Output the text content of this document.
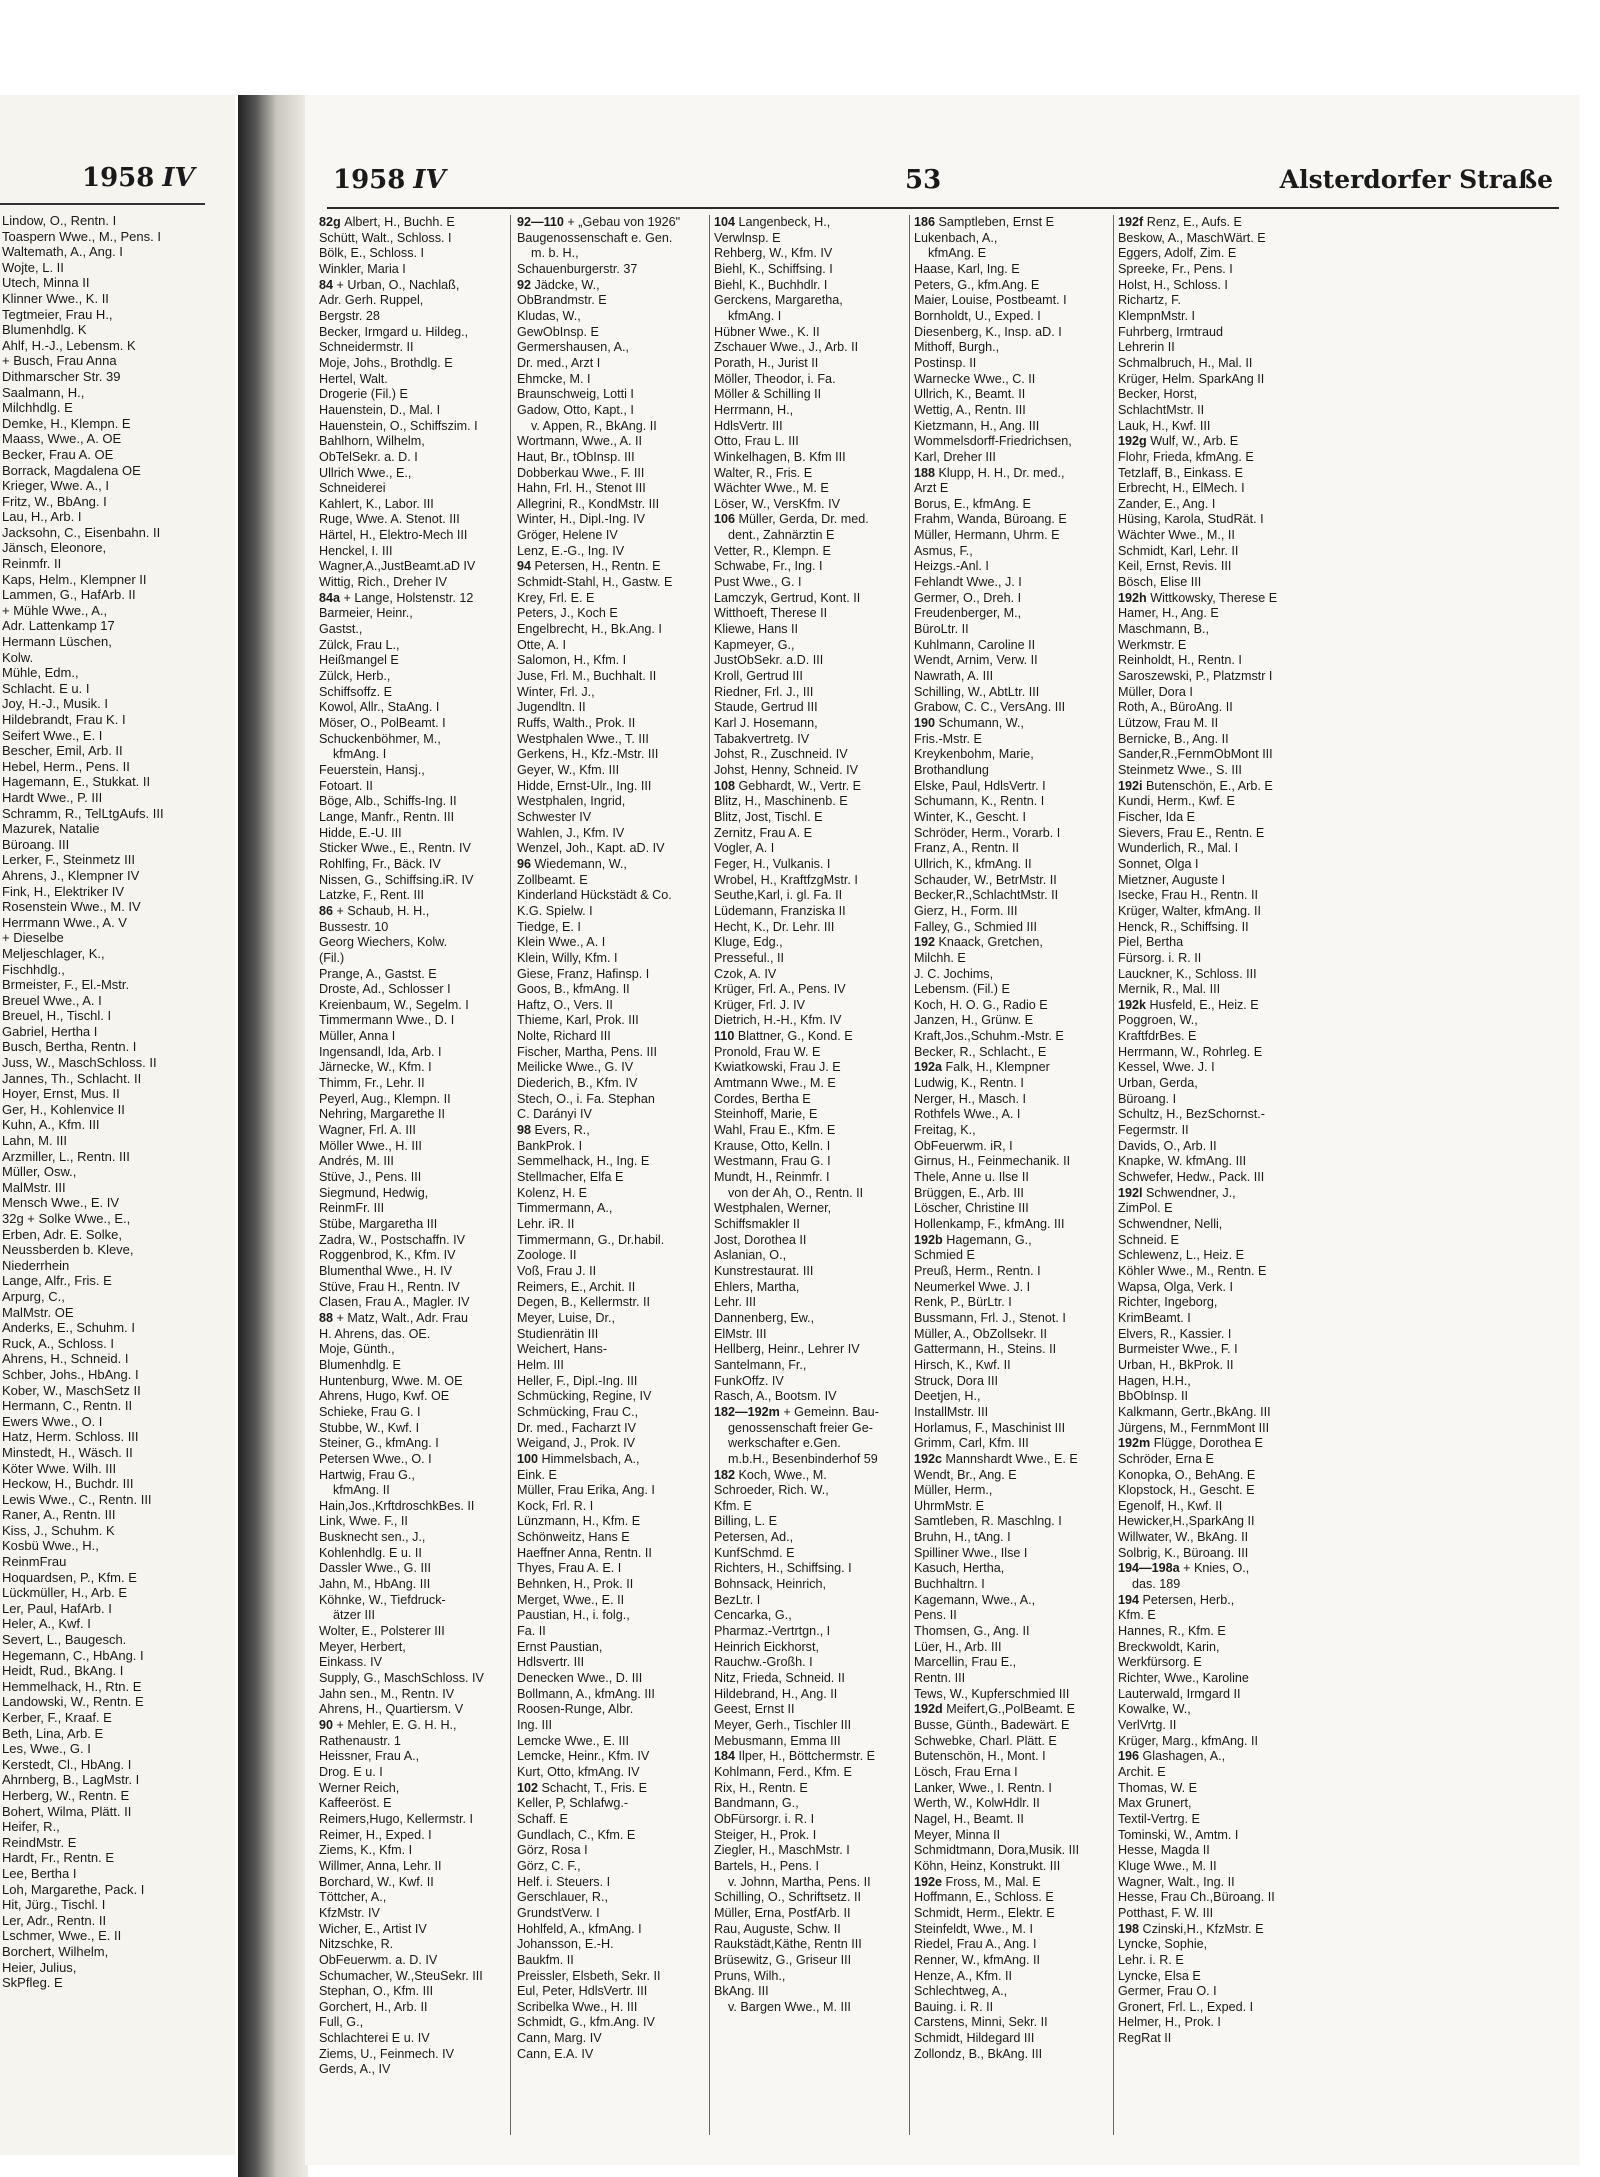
1958 IV
Lindow, O., Rentn. I
Toaspern Wwe., M., Pens. I
Waltemath, A., Ang. I
Wojte, L. II
Utech, Minna II
Klinner Wwe., K. II
Tegtmeier, Frau H.,
Blumenhdlg. K
Ahlf, H.-J., Lebensm. K
+ Busch, Frau Anna
Dithmarscher Str. 39
Saalmann, H.,
Milchhdlg. E
Demke, H., Klempn. E
Maass, Wwe., A. OE
Becker, Frau A. OE
Borrack, Magdalena OE
Krieger, Wwe. A., I
Fritz, W., BbAng. I
Lau, H., Arb. I
Jacksohn, C., Eisenbahn. II
Jänsch, Eleonore,
Reinmfr. II
Kaps, Helm., Klempner II
Lammen, G., HafArb. II
+ Mühle Wwe., A.,
Adr. Lattenkamp 17
Hermann Lüschen,
Kolw.
Mühle, Edm.,
Schlacht. E u. I
Joy, H.-J., Musik. I
Hildebrandt, Frau K. I
Seifert Wwe., E. I
Bescher, Emil, Arb. II
Hebel, Herm., Pens. II
Hagemann, E., Stukkat. II
Hardt Wwe., P. III
Schramm, R., TelLtgAufs. III
Mazurek, Natalie
Büroang. III
Lerker, F., Steinmetz III
Ahrens, J., Klempner IV
Fink, H., Elektriker IV
Rosenstein Wwe., M. IV
Herrmann Wwe., A. V
+ Dieselbe
Meljeschlager, K.,
Fischhdlg.,
Brmeister, F., El.-Mstr.
Breuel Wwe., A. I
Breuel, H., Tischl. I
Gabriel, Hertha I
Busch, Bertha, Rentn. I
Juss, W., MaschSchloss. II
Jannes, Th., Schlacht. II
Hoyer, Ernst, Mus. II
Ger, H., Kohlenvice II
Kuhn, A., Kfm. III
Lahn, M. III
Arzmiller, L., Rentn. III
Müller, Osw.,
MalMstr. III
Mensch Wwe., E. IV
32g + Solke Wwe., E.,
Erben, Adr. E. Solke,
Neussberden b. Kleve,
Niederrhein
Lange, Alfr., Fris. E
Arpurg, C.,
MalMstr. OE
Anderks, E., Schuhm. I
Ruck, A., Schloss. I
Ahrens, H., Schneid. I
Schber, Johs., HbAng. I
Kober, W., MaschSetz II
Hermann, C., Rentn. II
Ewers Wwe., O. I
Hatz, Herm. Schloss. III
Minstedt, H., Wäsch. II
Köter Wwe. Wilh. III
Heckow, H., Buchdr. III
Lewis Wwe., C., Rentn. III
Raner, A., Rentn. III
Kiss, J., Schuhm. K
Kosbü Wwe., H.,
ReinmFrau
Hoquardsen, P., Kfm. E
Lückmüller, H., Arb. E
Ler, Paul, HafArb. I
Heler, A., Kwf. I
Severt, L., Baugesch.
Hegemann, C., HbAng. I
Heidt, Rud., BkAng. I
Hemmelhack, H., Rtn. E
Landowski, W., Rentn. E
Kerber, F., Kraaf. E
Beth, Lina, Arb. E
Les, Wwe., G. I
Kerstedt, Cl., HbAng. I
Ahrnberg, B., LagMstr. I
Herberg, W., Rentn. E
Bohert, Wilma, Plätt. II
Heifer, R.,
ReindMstr. E
Hardt, Fr., Rentn. E
Lee, Bertha I
Loh, Margarethe, Pack. I
Hit, Jürg., Tischl. I
Ler, Adr., Rentn. II
Lschmer, Wwe., E. II
Borchert, Wilhelm,
Heier, Julius,
SkPfleg. E
1958 IV	53	Alsterdorfer Straße
82g Albert, H., Buchh. E
Schütt, Walt., Schloss. I
Bölk, E., Schloss. I
Winkler, Maria I
84 + Urban, O., Nachlaß,
Adr. Gerh. Ruppel,
Bergstr. 28
Becker, Irmgard u. Hildeg.,
Schneidermstr. II
Moje, Johs., Brothdlg. E
Hertel, Walt.
Drogerie (Fil.) E
Hauenstein, D., Mal. I
Hauenstein, O., Schiffszim. I
Bahlhorn, Wilhelm,
ObTelSekr. a. D. I
Ullrich Wwe., E.,
Schneiderei
Kahlert, K., Labor. III
Ruge, Wwe. A. Stenot. III
Härtel, H., Elektro-Mech III
Henckel, I. III
Wagner,A.,JustBeamt.aD IV
Wittig, Rich., Dreher IV
84a + Lange, Holstenstr. 12
Barmeier, Heinr.,
Gastst.,
Zülck, Frau L.,
Heißmangel E
Zülck, Herb.,
Schiffsoffz. E
Kowol, Allr., StaAng. I
Möser, O., PolBeamt. I
Schuckenböhmer, M.,
kfmAng. I
Feuerstein, Hansj.,
Fotoart. II
Böge, Alb., Schiffs-Ing. II
Lange, Manfr., Rentn. III
Hidde, E.-U. III
Sticker Wwe., E., Rentn. IV
Rohlfing, Fr., Bäck. IV
Nissen, G., Schiffsing.iR. IV
Latzke, F., Rent. III
86 + Schaub, H. H.,
Bussestr. 10
Georg Wiechers, Kolw.
(Fil.)
Prange, A., Gastst. E
Droste, Ad., Schlosser I
Kreienbaum, W., Segelm. I
Timmermann Wwe., D. I
Müller, Anna I
Ingensandl, Ida, Arb. I
Järnecke, W., Kfm. I
Thimm, Fr., Lehr. II
Peyerl, Aug., Klempn. II
Nehring, Margarethe II
Wagner, Frl. A. III
Möller Wwe., H. III
Andrés, M. III
Stüve, J., Pens. III
Siegmund, Hedwig,
ReinmFr. III
Stübe, Margaretha III
Zadra, W., Postschaffn. IV
Roggenbrod, K., Kfm. IV
Blumenthal Wwe., H. IV
Stüve, Frau H., Rentn. IV
Clasen, Frau A., Magler. IV
88 + Matz, Walt., Adr. Frau
H. Ahrens, das. OE.
Moje, Günth.,
Blumenhdlg. E
Huntenburg, Wwe. M. OE
Ahrens, Hugo, Kwf. OE
Schieke, Frau G. I
Stubbe, W., Kwf. I
Steiner, G., kfmAng. I
Petersen Wwe., O. I
Hartwig, Frau G.,
kfmAng. II
Hain,Jos.,KrftdroschkBes. II
Link, Wwe. F., II
Busknecht sen., J.,
Kohlenhdlg. E u. II
Dassler Wwe., G. III
Jahn, M., HbAng. III
Köhnke, W., Tiefdruck-
ätzer III
Wolter, E., Polsterer III
Meyer, Herbert,
Einkass. IV
Supply, G., MaschSchloss. IV
Jahn sen., M., Rentn. IV
Ahrens, H., Quartiersm. V
90 + Mehler, E. G. H. H.,
Rathenaustr. 1
Heissner, Frau A.,
Drog. E u. I
Werner Reich,
Kaffeeröst. E
Reimers,Hugo, Kellermstr. I
Reimer, H., Exped. I
Ziems, K., Kfm. I
Willmer, Anna, Lehr. II
Borchard, W., Kwf. II
Töttcher, A.,
KfzMstr. IV
Wicher, E., Artist IV
Nitzschke, R.
ObFeuerwm. a. D. IV
Schumacher, W.,SteuSekr. III
Stephan, O., Kfm. III
Gorchert, H., Arb. II
Full, G.,
Schlachterei E u. IV
Ziems, U., Feinmech. IV
Gerds, A., IV
92—110 + „Gebau von 1926"
Baugenossenschaft e. Gen.
m. b. H.,
Schauenburgerstr. 37
92 Jädcke, W.,
ObBrandmstr. E
Kludas, W.,
GewObInsp. E
Germershausen, A.,
Dr. med., Arzt I
Ehmcke, M. I
Braunschweig, Lotti I
Gadow, Otto, Kapt., I
v. Appen, R., BkAng. II
Wortmann, Wwe., A. II
Haut, Br., tObInsp. III
Dobberkau Wwe., F. III
Hahn, Frl. H., Stenot III
Allegrini, R., KondMstr. III
Winter, H., Dipl.-Ing. IV
Gröger, Helene IV
Lenz, E.-G., Ing. IV
94 Petersen, H., Rentn. E
Schmidt-Stahl, H., Gastw. E
Krey, Frl. E. E
Peters, J., Koch E
Engelbrecht, H., Bk.Ang. I
Otte, A. I
Salomon, H., Kfm. I
Juse, Frl. M., Buchhalt. II
Winter, Frl. J.,
Jugendltn. II
Ruffs, Walth., Prok. II
Westphalen Wwe., T. III
Gerkens, H., Kfz.-Mstr. III
Geyer, W., Kfm. III
Hidde, Ernst-Ulr., Ing. III
Westphalen, Ingrid,
Schwester IV
Wahlen, J., Kfm. IV
Wenzel, Joh., Kapt. aD. IV
96 Wiedemann, W.,
Zollbeamt. E
Kinderland Hückstädt & Co.
K.G. Spielw. I
Tiedge, E. I
Klein Wwe., A. I
Klein, Willy, Kfm. I
Giese, Franz, Hafinsp. I
Goos, B., kfmAng. II
Haftz, O., Vers. II
Thieme, Karl, Prok. III
Nolte, Richard III
Fischer, Martha, Pens. III
Meilicke Wwe., G. IV
Diederich, B., Kfm. IV
Stech, O., i. Fa. Stephan
C. Darányi IV
98 Evers, R.,
BankProk. I
Semmelhack, H., Ing. E
Stellmacher, Elfa E
Kolenz, H. E
Timmermann, A.,
Lehr. iR. II
Timmermann, G., Dr.habil.
Zoologe. II
Voß, Frau J. II
Reimers, E., Archit. II
Degen, B., Kellermstr. II
Meyer, Luise, Dr.,
Studienrätin III
Weichert, Hans-
Helm. III
Heller, F., Dipl.-Ing. III
Schmücking, Regine, IV
Schmücking, Frau C.,
Dr. med., Facharzt IV
Weigand, J., Prok. IV
100 Himmelsbach, A.,
Eink. E
Müller, Frau Erika, Ang. I
Kock, Frl. R. I
Lünzmann, H., Kfm. E
Schönweitz, Hans E
Haeffner Anna, Rentn. II
Thyes, Frau A. E. I
Behnken, H., Prok. II
Merget, Wwe., E. II
Paustian, H., i. folg.,
Fa. II
Ernst Paustian,
Hdlsvertr. III
Denecken Wwe., D. III
Bollmann, A., kfmAng. III
Roosen-Runge, Albr.
Ing. III
Lemcke Wwe., E. III
Lemcke, Heinr., Kfm. IV
Kurt, Otto, kfmAng. IV
102 Schacht, T., Fris. E
Keller, P, Schlafwg.-
Schaff. E
Gundlach, C., Kfm. E
Görz, Rosa I
Görz, C. F.,
Helf. i. Steuers. I
Gerschlauer, R.,
GrundstVerw. I
Hohlfeld, A., kfmAng. I
Johansson, E.-H.
Baukfm. II
Preissler, Elsbeth, Sekr. II
Eul, Peter, HdlsVertr. III
Scribelka Wwe., H. III
Schmidt, G., kfm.Ang. IV
Cann, Marg. IV
Cann, E.A. IV
104 Langenbeck, H.,
Verwlnsp. E
Rehberg, W., Kfm. IV
Biehl, K., Schiffsing. I
Biehl, K., Buchhdlr. I
Gerckens, Margaretha,
kfmAng. I
Hübner Wwe., K. II
Zschauer Wwe., J., Arb. II
Porath, H., Jurist II
Möller, Theodor, i. Fa.
Möller & Schilling II
Herrmann, H.,
HdlsVertr. III
Otto, Frau L. III
Winkelhagen, B. Kfm III
Walter, R., Fris. E
Wächter Wwe., M. E
Löser, W., VersKfm. IV
106 Müller, Gerda, Dr. med.
dent., Zahnärztin E
Vetter, R., Klempn. E
Schwabe, Fr., Ing. I
Pust Wwe., G. I
Lamczyk, Gertrud, Kont. II
Witthoeft, Therese II
Kliewe, Hans II
Kapmeyer, G.,
JustObSekr. a.D. III
Kroll, Gertrud III
Riedner, Frl. J., III
Staude, Gertrud III
Karl J. Hosemann,
Tabakvertretg. IV
Johst, R., Zuschneid. IV
Johst, Henny, Schneid. IV
108 Gebhardt, W., Vertr. E
Blitz, H., Maschinenb. E
Blitz, Jost, Tischl. E
Zernitz, Frau A. E
Vogler, A. I
Feger, H., Vulkanis. I
Wrobel, H., KraftfzgMstr. I
Seuthe,Karl, i. gl. Fa. II
Lüdemann, Franziska II
Hecht, K., Dr. Lehr. III
Kluge, Edg.,
Presseful., II
Czok, A. IV
Krüger, Frl. A., Pens. IV
Krüger, Frl. J. IV
Dietrich, H.-H., Kfm. IV
110 Blattner, G., Kond. E
Pronold, Frau W. E
Kwiatkowski, Frau J. E
Amtmann Wwe., M. E
Cordes, Bertha E
Steinhoff, Marie, E
Wahl, Frau E., Kfm. E
Krause, Otto, Kelln. I
Westmann, Frau G. I
Mundt, H., Reinmfr. I
von der Ah, O., Rentn. II
Westphalen, Werner,
Schiffsmakler II
Jost, Dorothea II
Aslanian, O.,
Kunstrestaurat. III
Ehlers, Martha,
Lehr. III
Dannenberg, Ew.,
ElMstr. III
Hellberg, Heinr., Lehrer IV
Santelmann, Fr.,
FunkOffz. IV
Rasch, A., Bootsm. IV
182—192m + Gemeinn. Bau-
genossenschaft freier Ge-
werkschafter e.Gen.
m.b.H., Besenbinderhof 59
182 Koch, Wwe., M.
Schroeder, Rich. W.,
Kfm. E
Billing, L. E
Petersen, Ad.,
KunfSchmd. E
Richters, H., Schiffsing. I
Bohnsack, Heinrich,
BezLtr. I
Cencarka, G.,
Pharmaz.-Vertrtgn., I
Heinrich Eickhorst,
Rauchw.-Großh. I
Nitz, Frieda, Schneid. II
Hildebrand, H., Ang. II
Geest, Ernst II
Meyer, Gerh., Tischler III
Mebusmann, Emma III
184 Ilper, H., Böttchermstr. E
Kohlmann, Ferd., Kfm. E
Rix, H., Rentn. E
Bandmann, G.,
ObFürsorgr. i. R. I
Steiger, H., Prok. I
Ziegler, H., MaschMstr. I
Bartels, H., Pens. I
v. Johnn, Martha, Pens. II
Schilling, O., Schriftsetz. II
Müller, Erna, PostfArb. II
Rau, Auguste, Schw. II
Raukstädt,Käthe, Rentn III
Brüsewitz, G., Griseur III
Pruns, Wilh.,
BkAng. III
v. Bargen Wwe., M. III
186 Samptleben, Ernst E
Lukenbach, A.,
kfmAng. E
Haase, Karl, Ing. E
Peters, G., kfm.Ang. E
Maier, Louise, Postbeamt. I
Bornholdt, U., Exped. I
Diesenberg, K., Insp. aD. I
Mithoff, Burgh.,
Postinsp. II
Warnecke Wwe., C. II
Ullrich, K., Beamt. II
Wettig, A., Rentn. III
Kietzmann, H., Ang. III
Wommelsdorff-Friedrichsen,
Karl, Dreher III
188 Klupp, H. H., Dr. med.,
Arzt E
Borus, E., kfmAng. E
Frahm, Wanda, Büroang. E
Müller, Hermann, Uhrm. E
Asmus, F.,
Heizgs.-Anl. I
Fehlandt Wwe., J. I
Germer, O., Dreh. I
Freudenberger, M.,
BüroLtr. II
Kuhlmann, Caroline II
Wendt, Arnim, Verw. II
Nawrath, A. III
Schilling, W., AbtLtr. III
Grabow, C. C., VersAng. III
190 Schumann, W.,
Fris.-Mstr. E
Kreykenbohm, Marie,
Brothandlung
Elske, Paul, HdlsVertr. I
Schumann, K., Rentn. I
Winter, K., Gescht. I
Schröder, Herm., Vorarb. I
Franz, A., Rentn. II
Ullrich, K., kfmAng. II
Schauder, W., BetrMstr. II
Becker,R.,SchlachtMstr. II
Gierz, H., Form. III
Falley, G., Schmied III
192 Knaack, Gretchen,
Milchh. E
J. C. Jochims,
Lebensm. (Fil.) E
Koch, H. O. G., Radio E
Janzen, H., Grünw. E
Kraft,Jos.,Schuhm.-Mstr. E
Becker, R., Schlacht., E
192a Falk, H., Klempner
Ludwig, K., Rentn. I
Nerger, H., Masch. I
Rothfels Wwe., A. I
Freitag, K.,
ObFeuerwm. iR, I
Girnus, H., Feinmechanik. II
Thele, Anne u. Ilse II
Brüggen, E., Arb. III
Löscher, Christine III
Hollenkamp, F., kfmAng. III
192b Hagemann, G.,
Schmied E
Preuß, Herm., Rentn. I
Neumerkel Wwe. J. I
Renk, P., BürLtr. I
Bussmann, Frl. J., Stenot. I
Müller, A., ObZollsekr. II
Gattermann, H., Steins. II
Hirsch, K., Kwf. II
Struck, Dora III
Deetjen, H.,
InstallMstr. III
Horlamus, F., Maschinist III
Grimm, Carl, Kfm. III
192c Mannshardt Wwe., E. E
Wendt, Br., Ang. E
Müller, Herm.,
UhrmMstr. E
Samtleben, R. Maschlng. I
Bruhn, H., tAng. I
Spilliner Wwe., Ilse I
Kasuch, Hertha,
Buchhaltrn. I
Kagemann, Wwe., A.,
Pens. II
Thomsen, G., Ang. II
Lüer, H., Arb. III
Marcellin, Frau E.,
Rentn. III
Tews, W., Kupferschmied III
192d Meifert,G.,PolBeamt. E
Busse, Günth., Badewärt. E
Schwebke, Charl. Plätt. E
Butenschön, H., Mont. I
Lösch, Frau Erna I
Lanker, Wwe., I. Rentn. I
Werth, W., KolwHdlr. II
Nagel, H., Beamt. II
Meyer, Minna II
Schmidtmann, Dora,Musik. III
Köhn, Heinz, Konstrukt. III
192e Fross, M., Mal. E
Hoffmann, E., Schloss. E
Schmidt, Herm., Elektr. E
Steinfeldt, Wwe., M. I
Riedel, Frau A., Ang. I
Renner, W., kfmAng. II
Henze, A., Kfm. II
Schlechtweg, A.,
Bauing. i. R. II
Carstens, Minni, Sekr. II
Schmidt, Hildegard III
Zollondz, B., BkAng. III
192f Renz, E., Aufs. E
Beskow, A., MaschWärt. E
Eggers, Adolf, Zim. E
Spreeke, Fr., Pens. I
Holst, H., Schloss. I
Richartz, F.
KlempnMstr. I
Fuhrberg, Irmtraud
Lehrerin II
Schmalbruch, H., Mal. II
Krüger, Helm. SparkAng II
Becker, Horst,
SchlachtMstr. II
Lauk, H., Kwf. III
192g Wulf, W., Arb. E
Flohr, Frieda, kfmAng. E
Tetzlaff, B., Einkass. E
Erbrecht, H., ElMech. I
Zander, E., Ang. I
Hüsing, Karola, StudRät. I
Wächter Wwe., M., II
Schmidt, Karl, Lehr. II
Keil, Ernst, Revis. III
Bösch, Elise III
192h Wittkowsky, Therese E
Hamer, H., Ang. E
Maschmann, B.,
Werkmstr. E
Reinholdt, H., Rentn. I
Saroszewski, P., Platzmstr I
Müller, Dora I
Roth, A., BüroAng. II
Lützow, Frau M. II
Bernicke, B., Ang. II
Sander,R.,FernmObMont III
Steinmetz Wwe., S. III
192i Butenschön, E., Arb. E
Kundi, Herm., Kwf. E
Fischer, Ida E
Sievers, Frau E., Rentn. E
Wunderlich, R., Mal. I
Sonnet, Olga I
Mietzner, Auguste I
Isecke, Frau H., Rentn. II
Krüger, Walter, kfmAng. II
Henck, R., Schiffsing. II
Piel, Bertha
Fürsorg. i. R. II
Lauckner, K., Schloss. III
Mernik, R., Mal. III
192k Husfeld, E., Heiz. E
Poggroen, W.,
KraftfdrBes. E
Herrmann, W., Rohrleg. E
Kessel, Wwe. J. I
Urban, Gerda,
Büroang. I
Schultz, H., BezSchornst.-
Fegermstr. II
Davids, O., Arb. II
Knapke, W. kfmAng. III
Schwefer, Hedw., Pack. III
192l Schwendner, J.,
ZimPol. E
Schwendner, Nelli,
Schneid. E
Schlewenz, L., Heiz. E
Köhler Wwe., M., Rentn. E
Wapsa, Olga, Verk. I
Richter, Ingeborg,
KrimBeamt. I
Elvers, R., Kassier. I
Burmeister Wwe., F. I
Urban, H., BkProk. II
Hagen, H.H.,
BbObInsp. II
Kalkmann, Gertr.,BkAng. III
Jürgens, M., FernmMont III
192m Flügge, Dorothea E
Schröder, Erna E
Konopka, O., BehAng. E
Klopstock, H., Gescht. E
Egenolf, H., Kwf. II
Hewicker,H.,SparkAng II
Willwater, W., BkAng. II
Solbrig, K., Büroang. III
194—198a + Knies, O.,
das. 189
194 Petersen, Herb.,
Kfm. E
Hannes, R., Kfm. E
Breckwoldt, Karin,
Werkfürsorg. E
Richter, Wwe., Karoline
Lauterwald, Irmgard II
Kowalke, W.,
VerlVrtg. II
Krüger, Marg., kfmAng. II
196 Glashagen, A.,
Archit. E
Thomas, W. E
Max Grunert,
Textil-Vertrg. E
Tominski, W., Amtm. I
Hesse, Magda II
Kluge Wwe., M. II
Wagner, Walt., Ing. II
Hesse, Frau Ch.,Büroang. II
Potthast, F. W. III
198 Czinski,H., KfzMstr. E
Lyncke, Sophie,
Lehr. i. R. E
Lyncke, Elsa E
Germer, Frau O. I
Gronert, Frl. L., Exped. I
Helmer, H., Prok. I
RegRat II
